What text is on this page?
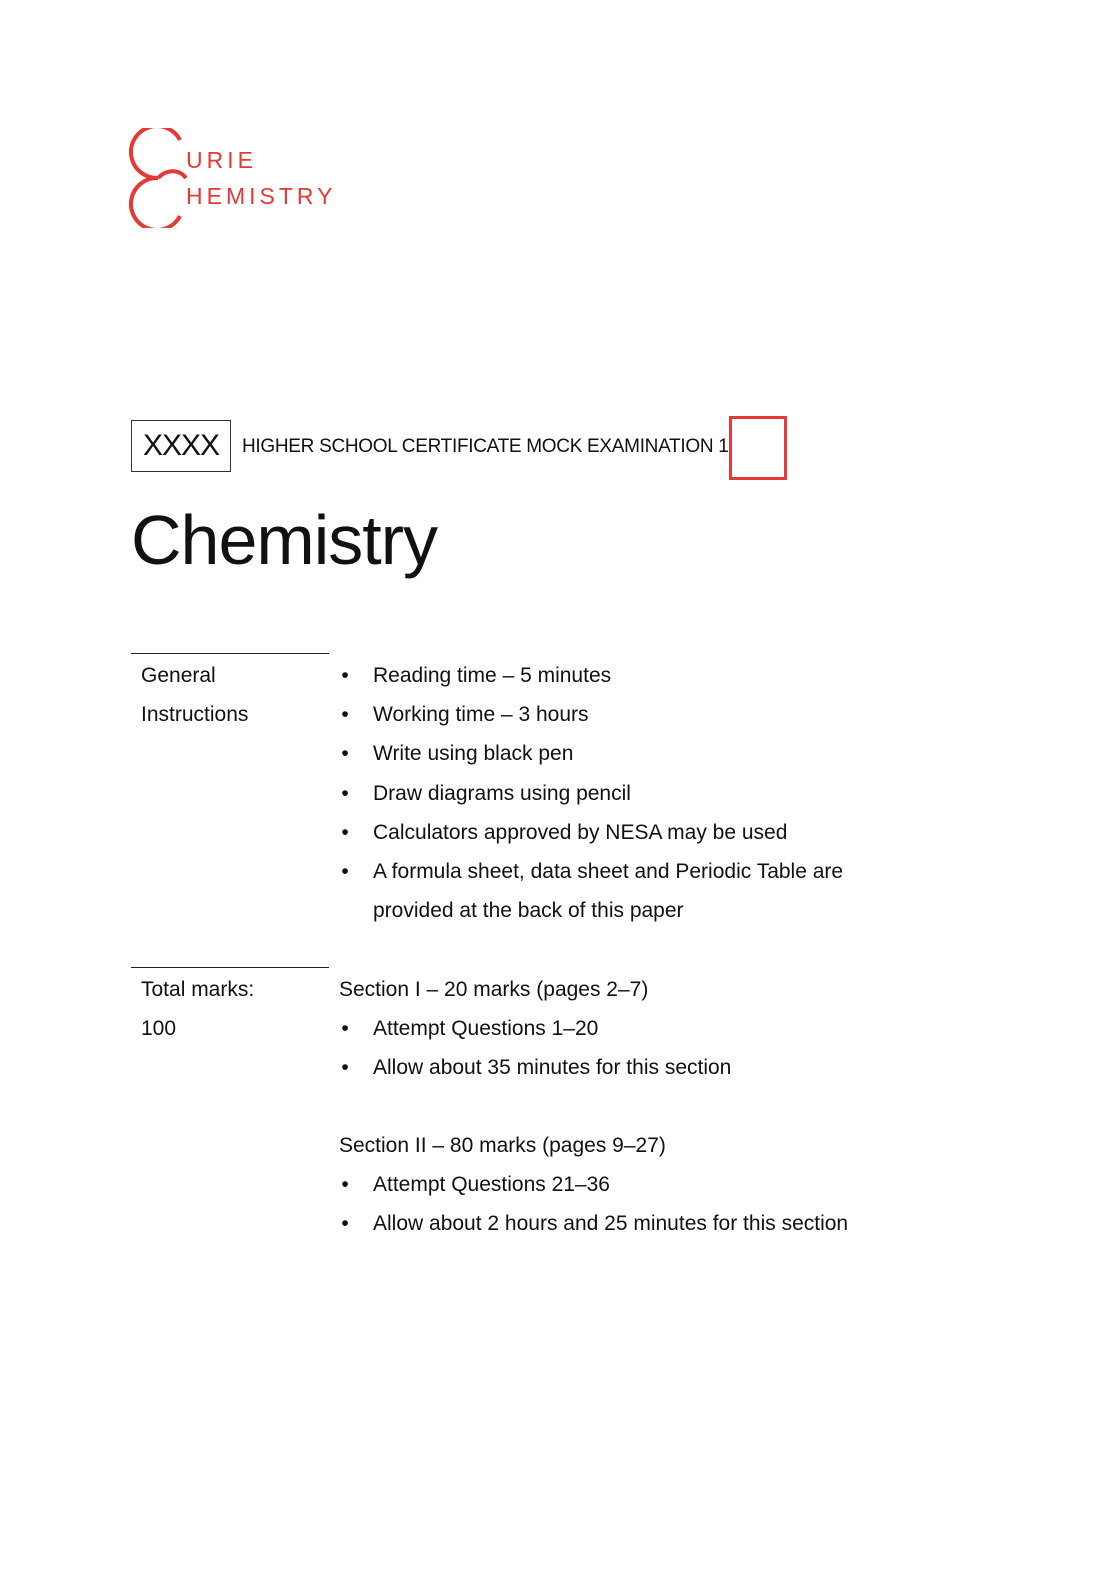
URIE
HEMISTRY
XXXX	HIGHER SCHOOL CERTIFICATE MOCK EXAMINATION 1
Chemistry
General
Instructions
• Reading time – 5 minutes
• Working time – 3 hours
• Write using black pen
• Draw diagrams using pencil
• Calculators approved by NESA may be used
• A formula sheet, data sheet and Periodic Table are
provided at the back of this paper
Total marks:
100
Section I – 20 marks (pages 2–7)
• Attempt Questions 1–20
• Allow about 35 minutes for this section
Section II – 80 marks (pages 9–27)
• Attempt Questions 21–36
• Allow about 2 hours and 25 minutes for this section
